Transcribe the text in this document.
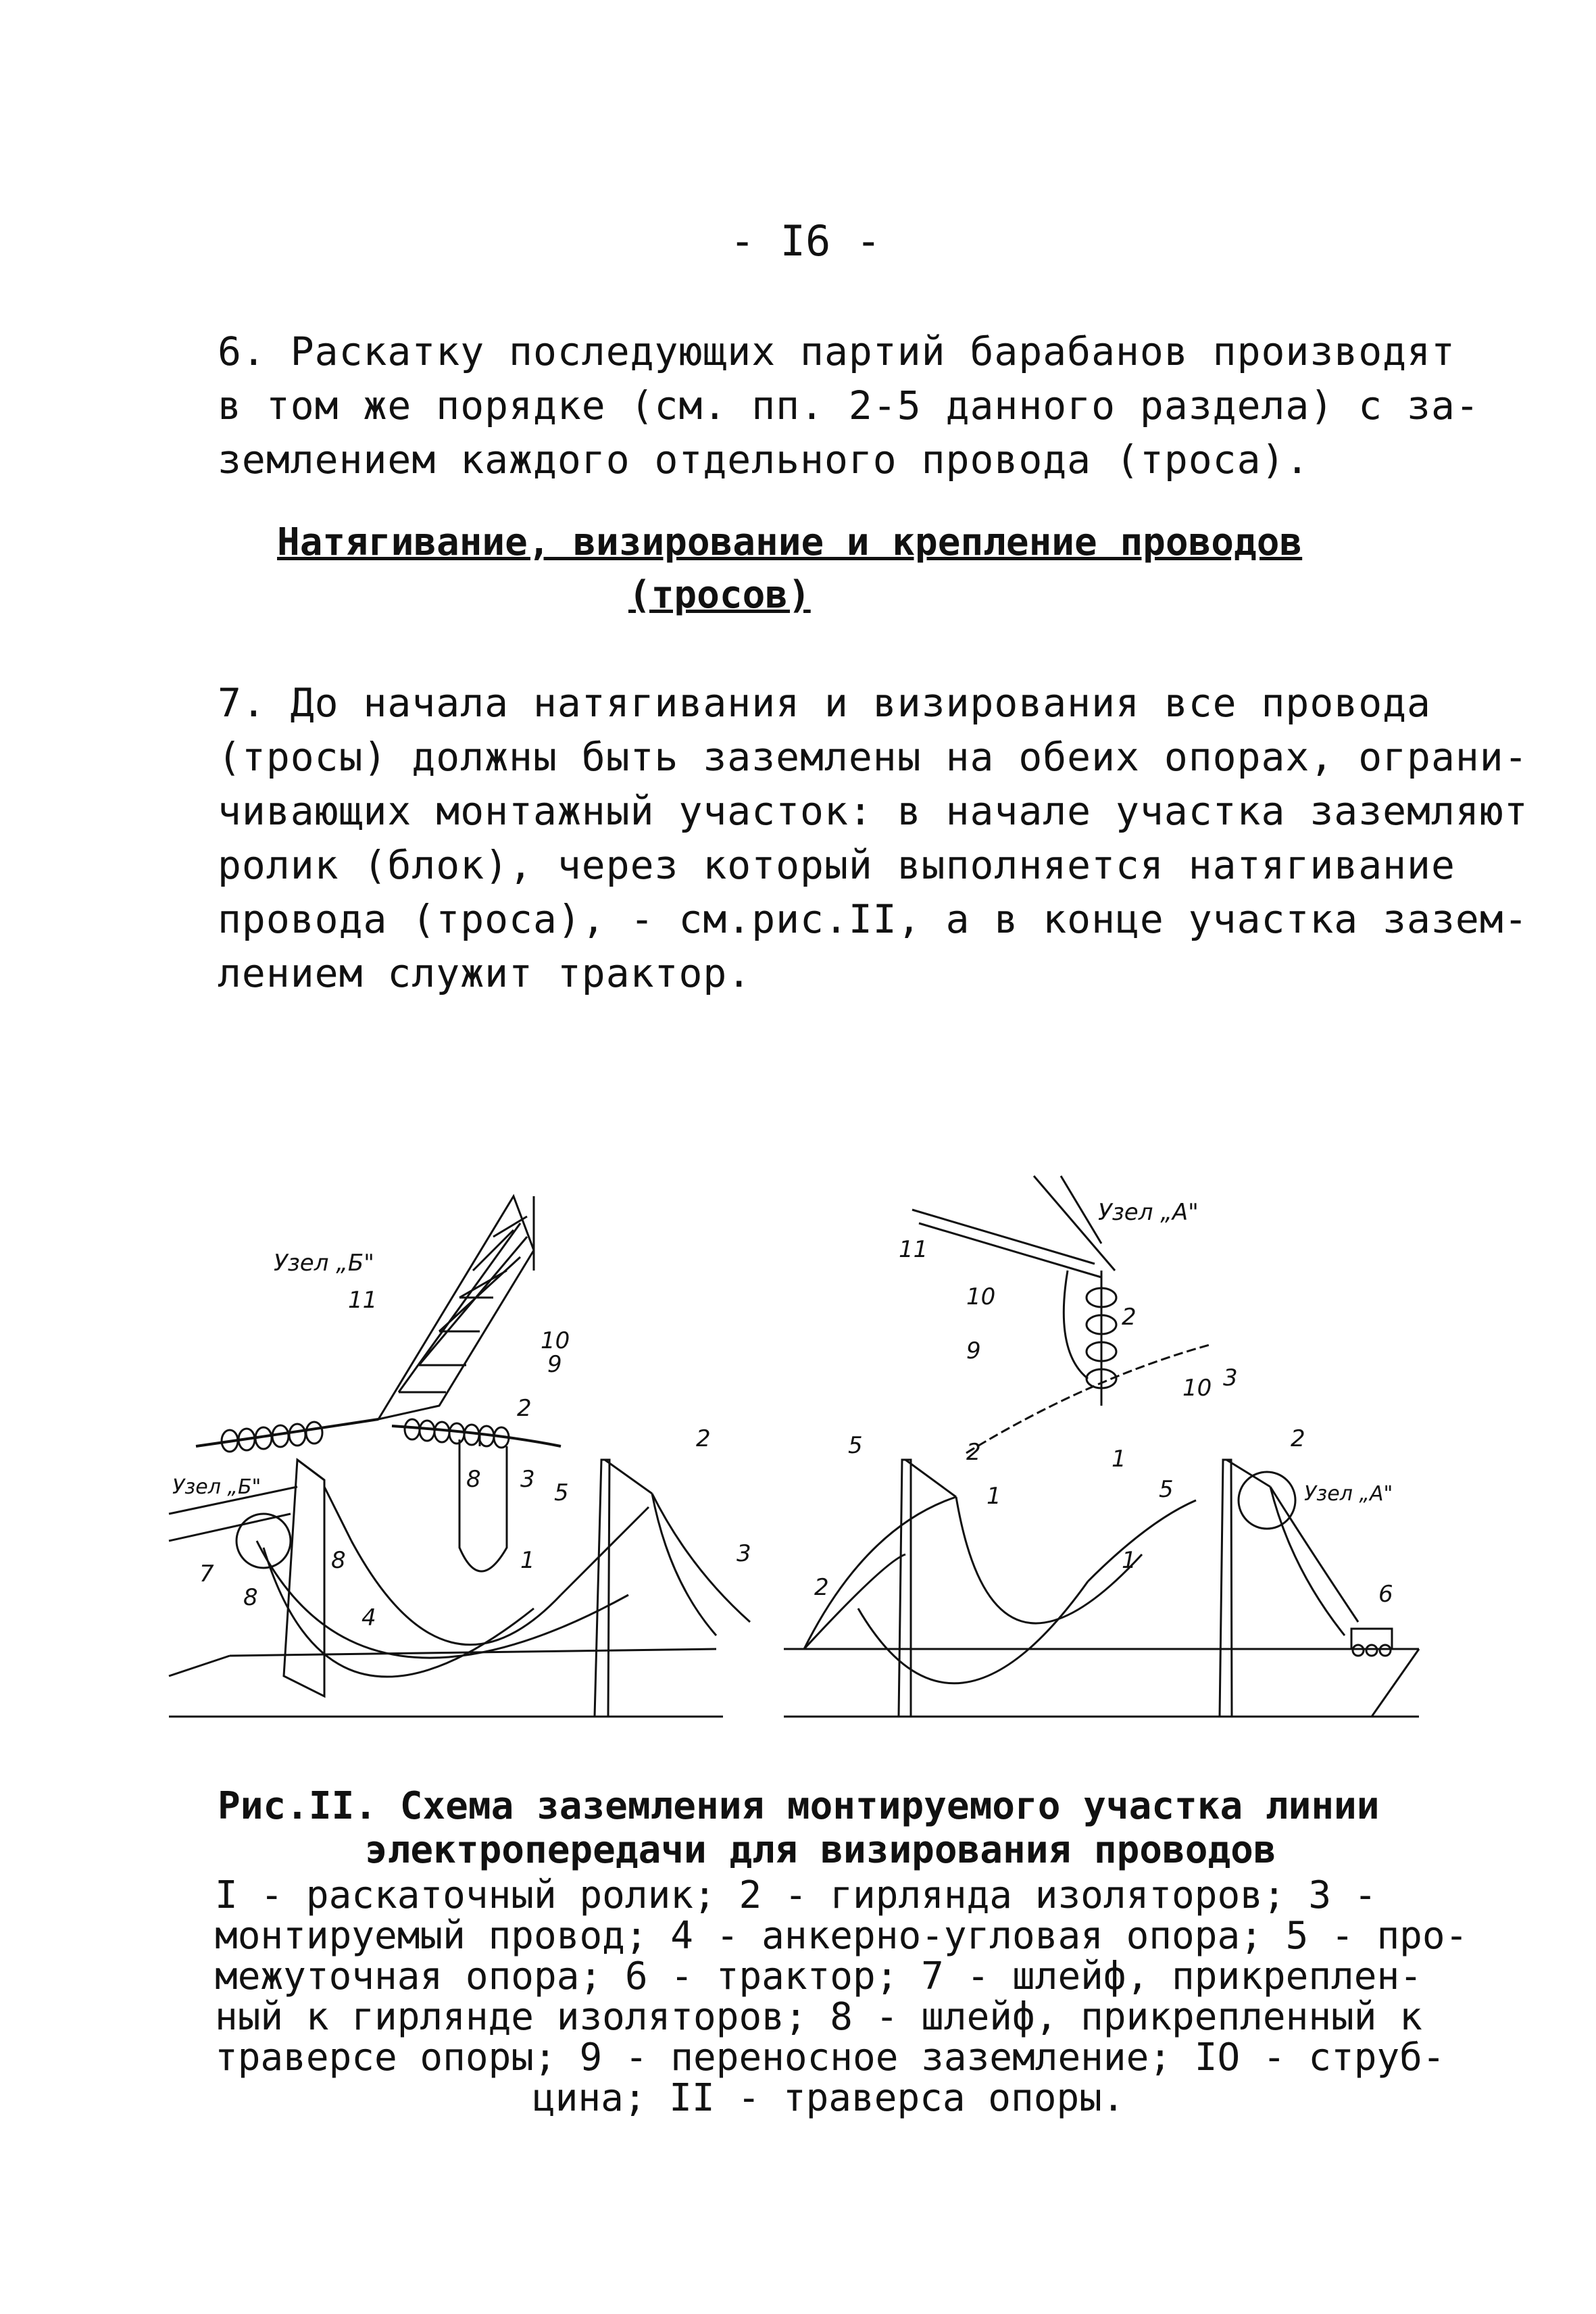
- I6 -
6. Раскатку последующих партий барабанов производят
в том же порядке (см. пп. 2-5 данного раздела) с за-
землением каждого отдельного провода (троса).
Натягивание, визирование и крепление проводов
(тросов)
7. До начала натягивания и визирования все провода
(тросы) должны быть заземлены на обеих опорах, ограни-
чивающих монтажный участок: в начале участка заземляют
ролик (блок), через который выполняется натягивание
провода (троса), - см.рис.II, а в конце участка зазем-
лением служит трактор.
Узел „Б"
11
10
9
2
8 3
Узел „Б"	5
2
1	3
8
7
8
4
Узел „А"
11
10
2
9
10 3
1
5	2	2
1	5	Узел „А"
1
2	6
Рис.II. Схема заземления монтируемого участка линии
электропередачи для визирования проводов
I - раскаточный ролик; 2 - гирлянда изоляторов; 3 -
монтируемый провод; 4 - анкерно-угловая опора; 5 - про-
межуточная опора; 6 - трактор; 7 - шлейф, прикреплен-
ный к гирлянде изоляторов; 8 - шлейф, прикрепленный к
траверсе опоры; 9 - переносное заземление; IO - струб-
цина; II - траверса опоры.
